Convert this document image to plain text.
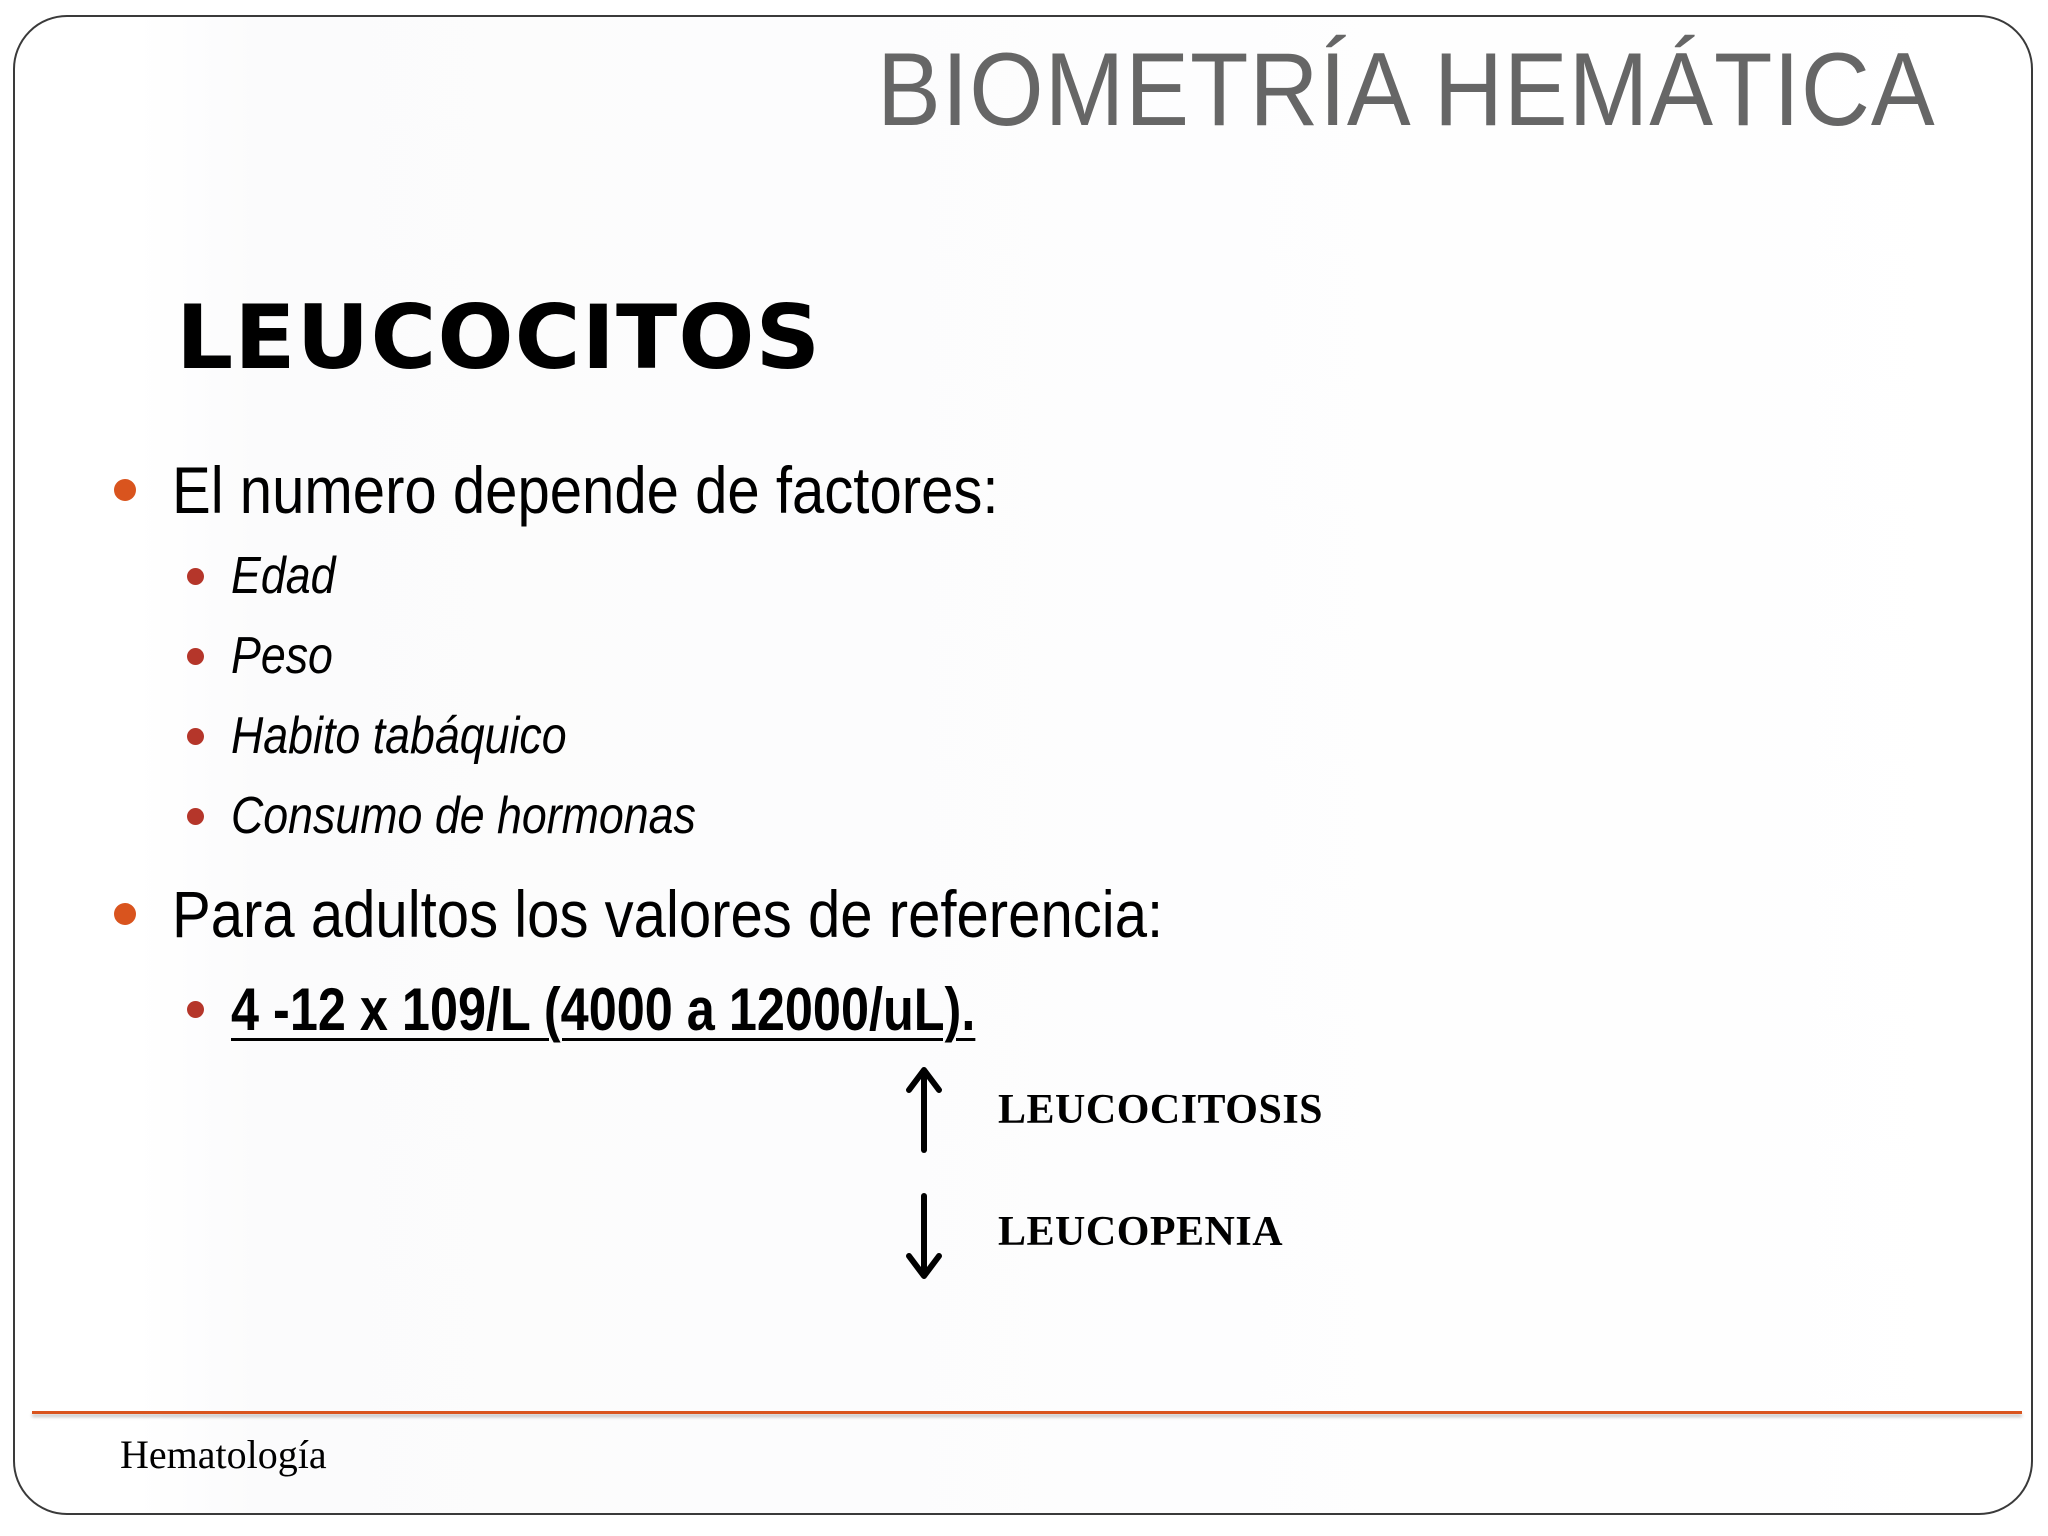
BIOMETRÍA HEMÁTICA
LEUCOCITOS
El numero depende de factores:
Edad
Peso
Habito tabáquico
Consumo de hormonas
Para adultos los valores de referencia:
4 -12 x 109/L (4000 a 12000/uL).
LEUCOCITOSIS
LEUCOPENIA
Hematología
